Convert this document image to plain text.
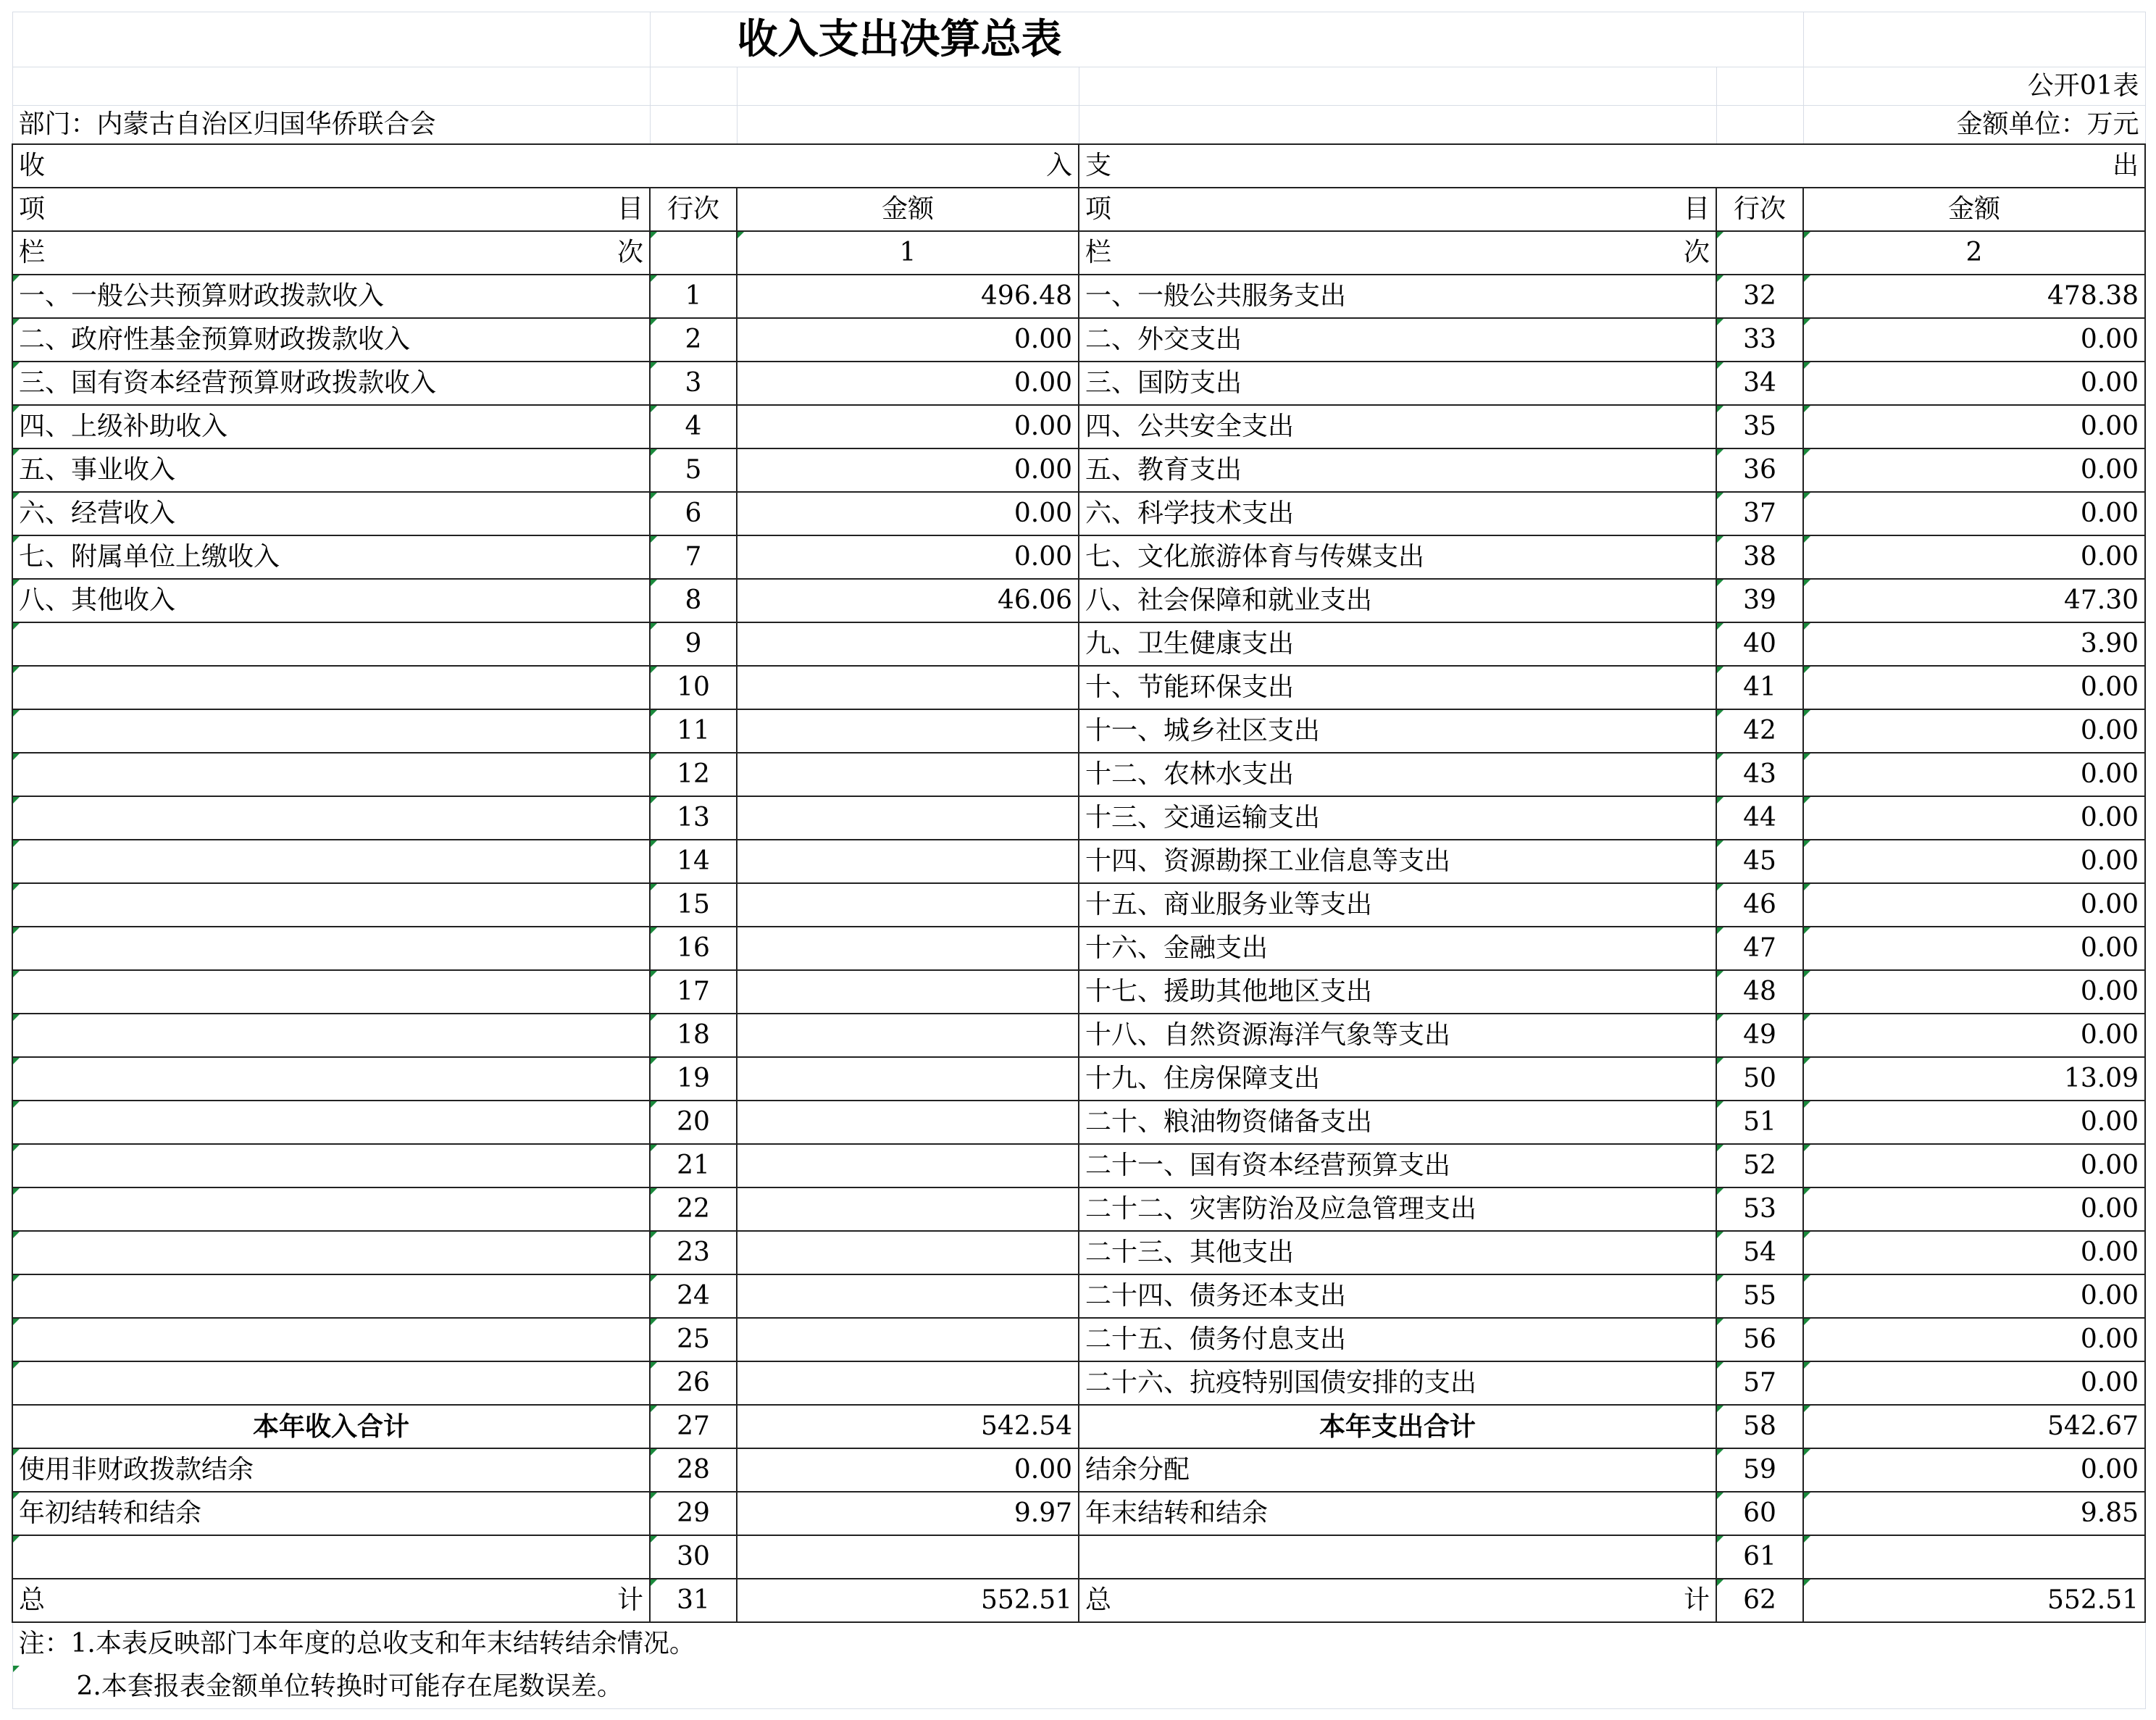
	收入支出决算总表				
					公开01表
部门：内蒙古自治区归国华侨联合会					金额单位：万元

收 入			支 出		

项 目	行次	金额	项 目	行次	金额

栏 次		1	栏 次		2
一、一般公共预算财政拨款收入	1	496.48	一、一般公共服务支出	32	478.38
二、政府性基金预算财政拨款收入	2	0.00	二、外交支出	33	0.00
三、国有资本经营预算财政拨款收入	3	0.00	三、国防支出	34	0.00
四、上级补助收入	4	0.00	四、公共安全支出	35	0.00
五、事业收入	5	0.00	五、教育支出	36	0.00
六、经营收入	6	0.00	六、科学技术支出	37	0.00
七、附属单位上缴收入	7	0.00	七、文化旅游体育与传媒支出	38	0.00
八、其他收入	8	46.06	八、社会保障和就业支出	39	47.30
	9		九、卫生健康支出	40	3.90
	10		十、节能环保支出	41	0.00
	11		十一、城乡社区支出	42	0.00
	12		十二、农林水支出	43	0.00
	13		十三、交通运输支出	44	0.00
	14		十四、资源勘探工业信息等支出	45	0.00
	15		十五、商业服务业等支出	46	0.00
	16		十六、金融支出	47	0.00
	17		十七、援助其他地区支出	48	0.00
	18		十八、自然资源海洋气象等支出	49	0.00
	19		十九、住房保障支出	50	13.09
	20		二十、粮油物资储备支出	51	0.00
	21		二十一、国有资本经营预算支出	52	0.00
	22		二十二、灾害防治及应急管理支出	53	0.00
	23		二十三、其他支出	54	0.00
	24		二十四、债务还本支出	55	0.00
	25		二十五、债务付息支出	56	0.00
	26		二十六、抗疫特别国债安排的支出	57	0.00
本年收入合计	27	542.54	本年支出合计	58	542.67
使用非财政拨款结余	28	0.00	结余分配	59	0.00
年初结转和结余	29	9.97	年末结转和结余	60	9.85
	30			61	

总 计	31	552.51	总 计	62	552.51
注：1.本表反映部门本年度的总收支和年末结转结余情况。					
2.本套报表金额单位转换时可能存在尾数误差。					
